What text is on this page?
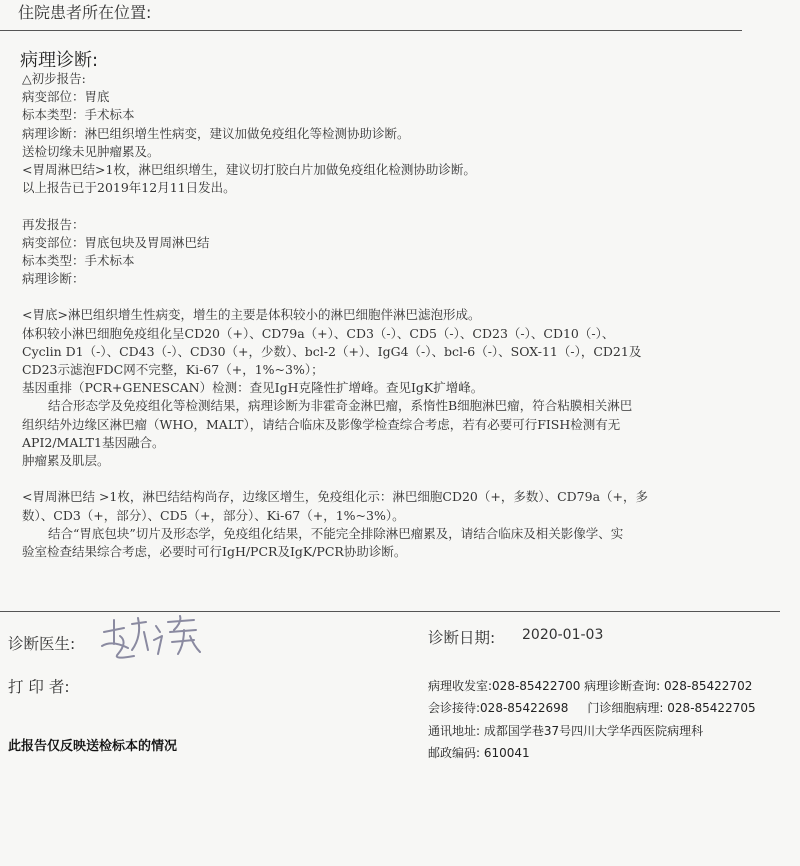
住院患者所在位置:
病理诊断:
△初步报告:
病变部位：胃底
标本类型：手术标本
病理诊断：淋巴组织增生性病变，建议加做免疫组化等检测协助诊断。
送检切缘未见肿瘤累及。
<胃周淋巴结>1枚，淋巴组织增生，建议切打胶白片加做免疫组化检测协助诊断。
以上报告已于2019年12月11日发出。
再发报告：
病变部位：胃底包块及胃周淋巴结
标本类型：手术标本
病理诊断：
<胃底>淋巴组织增生性病变，增生的主要是体积较小的淋巴细胞伴淋巴滤泡形成。
体积较小淋巴细胞免疫组化呈CD20（+）、CD79a（+）、CD3（-）、CD5（-）、CD23（-）、CD10（-）、
Cyclin D1（-）、CD43（-）、CD30（+，少数）、bcl-2（+）、IgG4（-）、bcl-6（-）、SOX-11（-），CD21及
CD23示滤泡FDC网不完整，Ki-67（+，1%~3%）；
基因重排（PCR+GENESCAN）检测：查见IgH克隆性扩增峰。查见IgK扩增峰。
结合形态学及免疫组化等检测结果，病理诊断为非霍奇金淋巴瘤，系惰性B细胞淋巴瘤，符合粘膜相关淋巴
组织结外边缘区淋巴瘤（WHO，MALT），请结合临床及影像学检查综合考虑，若有必要可行FISH检测有无
API2/MALT1基因融合。
肿瘤累及肌层。
<胃周淋巴结 >1枚，淋巴结结构尚存，边缘区增生，免疫组化示：淋巴细胞CD20（+，多数）、CD79a（+，多
数）、CD3（+，部分）、CD5（+，部分）、Ki-67（+，1%~3%）。
结合“胃底包块”切片及形态学，免疫组化结果，不能完全排除淋巴瘤累及，请结合临床及相关影像学、实
验室检查结果综合考虑，必要时可行IgH/PCR及IgK/PCR协助诊断。
诊断医生:
打 印 者:
此报告仅反映送检标本的情况
诊断日期: 2020-01-03
病理收发室:028-85422700 病理诊断查询: 028-85422702
会诊接待:028-85422698     门诊细胞病理: 028-85422705
通讯地址: 成都国学巷37号四川大学华西医院病理科
邮政编码: 610041
